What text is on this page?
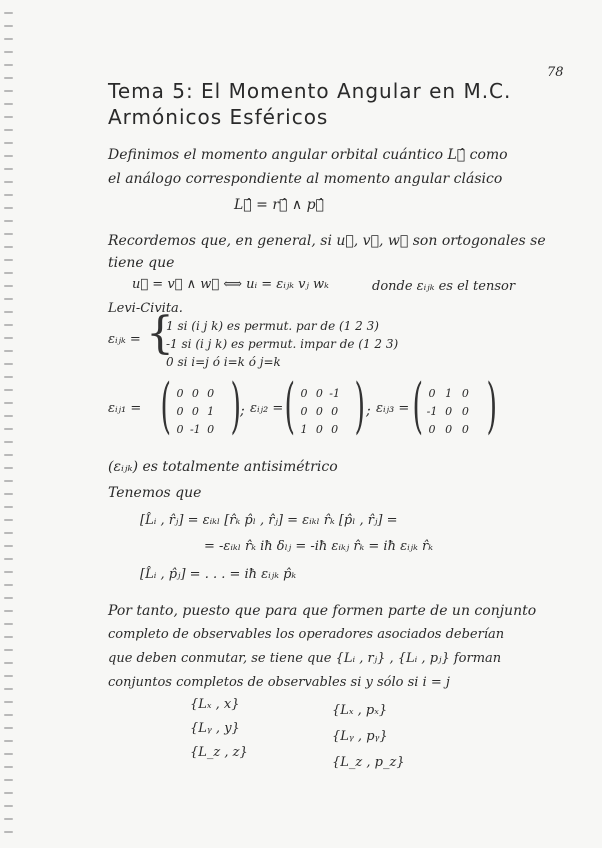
78
Tema 5: El Momento Angular en M.C.
Armónicos Esféricos
Definimos el momento angular orbital cuántico L⃗̂ como
el análogo correspondiente al momento angular clásico
L⃗̂ = r⃗̂ ∧ p⃗̂
Recordemos que, en general, si u⃗, v⃗, w⃗ son ortogonales se
tiene que
u⃗ = v⃗ ∧ w⃗ ⟺ uᵢ = εᵢⱼₖ vⱼ wₖ	donde εᵢⱼₖ es el tensor
Levi-Civita.
εᵢⱼₖ = {
1 si (i j k) es permut. par de (1 2 3)
-1 si (i j k) es permut. impar de (1 2 3)
0 si i=j ó i=k ó j=k
εᵢⱼ₁ = ( )
0 0 0
0 0 1
0 -1 0
; εᵢⱼ₂ = ( )
0 0 -1
0 0 0
1 0 0
; εᵢⱼ₃ = ( )
0 1 0
-1 0 0
0 0 0
(εᵢⱼₖ) es totalmente antisimétrico
Tenemos que
[L̂ᵢ , r̂ⱼ] = εᵢₖₗ [r̂ₖ p̂ₗ , r̂ⱼ] = εᵢₖₗ r̂ₖ [p̂ₗ , r̂ⱼ] =
= -εᵢₖₗ r̂ₖ iħ δₗⱼ = -iħ εᵢₖⱼ r̂ₖ = iħ εᵢⱼₖ r̂ₖ
[L̂ᵢ , p̂ⱼ] = . . . = iħ εᵢⱼₖ p̂ₖ
Por tanto, puesto que para que formen parte de un conjunto
completo de observables los operadores asociados deberían
que deben conmutar, se tiene que {Lᵢ , rⱼ} , {Lᵢ , pⱼ} forman
conjuntos completos de observables si y sólo si i = j
{Lₓ , x}
{Lᵧ , y}
{L_z , z}
{Lₓ , pₓ}
{Lᵧ , pᵧ}
{L_z , p_z}
